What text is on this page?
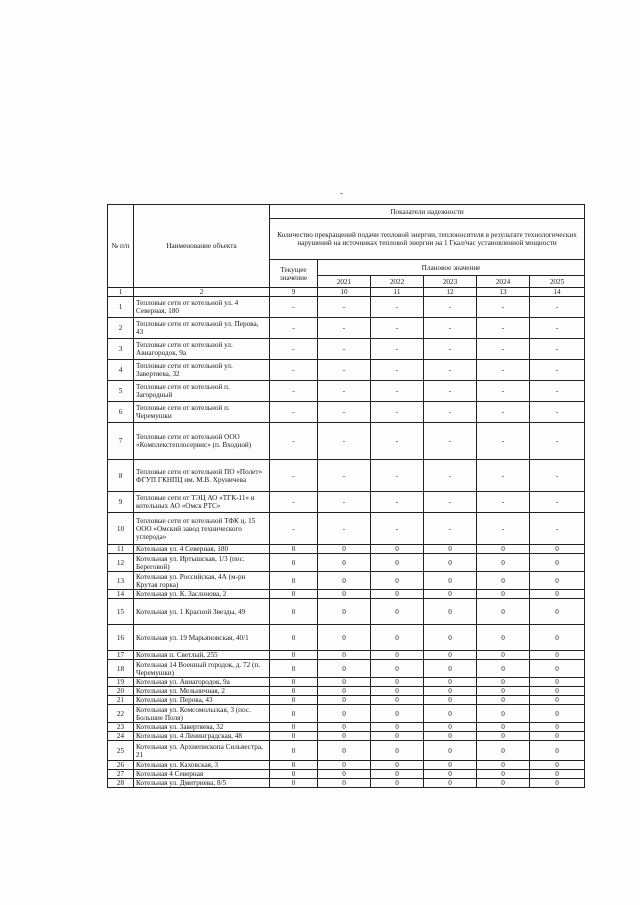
№ п/п	Наименование объекта	Показатели надежности					
		Количество прекращений подачи тепловой энергии, теплоносителя в результате технологических нарушений на источниках тепловой энергии на 1 Гкал/час установленной мощности					
		Текущее значение	Плановое значение				
			2021	2022	2023	2024	2025
1	2	9	10	11	12	13	14
1	Тепловые сети от котельной ул. 4 Северная, 180	-	-	-	-	-	-
2	Тепловые сети от котельной ул. Перова, 43	-	-	-	-	-	-
3	Тепловые сети от котельной ул. Авиагородок, 9а	-	-	-	-	-	-
4	Тепловые сети от котельной ул. Завертяева, 32	-	-	-	-	-	-
5	Тепловые сети от котельной п. Загородный	-	-	-	-	-	-
6	Тепловые сети от котельной п. Черемушки	-	-	-	-	-	-
7	Тепловые сети от котельной ООО «Комплекстеплосервис» (п. Входной)	-	-	-	-	-	-
8	Тепловые сети от котельной ПО «Полет» ФГУП ГКНПЦ им. М.В. Хруничева	-	-	-	-	-	-
9	Тепловые сети от ТЭЦ АО «ТГК-11» и котельных АО «Омск РТС»	-	-	-	-	-	-
10	Тепловые сети от котельной ТФК ц. 15 ООО «Омский завод технического углерода»	-	-	-	-	-	-
11	Котельная ул. 4 Северная, 180	0	0	0	0	0	0
12	Котельная ул. Иртышская, 1/3 (пос. Береговой)	0	0	0	0	0	0
13	Котельная ул. Российская, 4А (м-рн Крутая горка)	0	0	0	0	0	0
14	Котельная ул. К. Заслонова, 2	0	0	0	0	0	0
15	Котельная ул. 1 Красной Звезды, 49	0	0	0	0	0	0
16	Котельная ул. 19 Марьяновская, 40/1	0	0	0	0	0	0
17	Котельная п. Светлый, 255	0	0	0	0	0	0
18	Котельная 14 Военный городок, д. 72 (п. Черемушки)	0	0	0	0	0	0
19	Котельная ул. Авиагородок, 9а	0	0	0	0	0	0
20	Котельная ул. Мельничная, 2	0	0	0	0	0	0
21	Котельная ул. Перова, 43	0	0	0	0	0	0
22	Котельная ул. Комсомольская, 3 (пос. Большие Поля)	0	0	0	0	0	0
23	Котельная ул. Завертяева, 32	0	0	0	0	0	0
24	Котельная ул. 4 Ленинградская, 48	0	0	0	0	0	0
25	Котельная ул. Архиепископа Сильвестра, 21	0	0	0	0	0	0
26	Котельная ул. Каховская, 3	0	0	0	0	0	0
27	Котельная 4 Северная	0	0	0	0	0	0
28	Котельная ул. Дмитриева, 8/5	0	0	0	0	0	0
